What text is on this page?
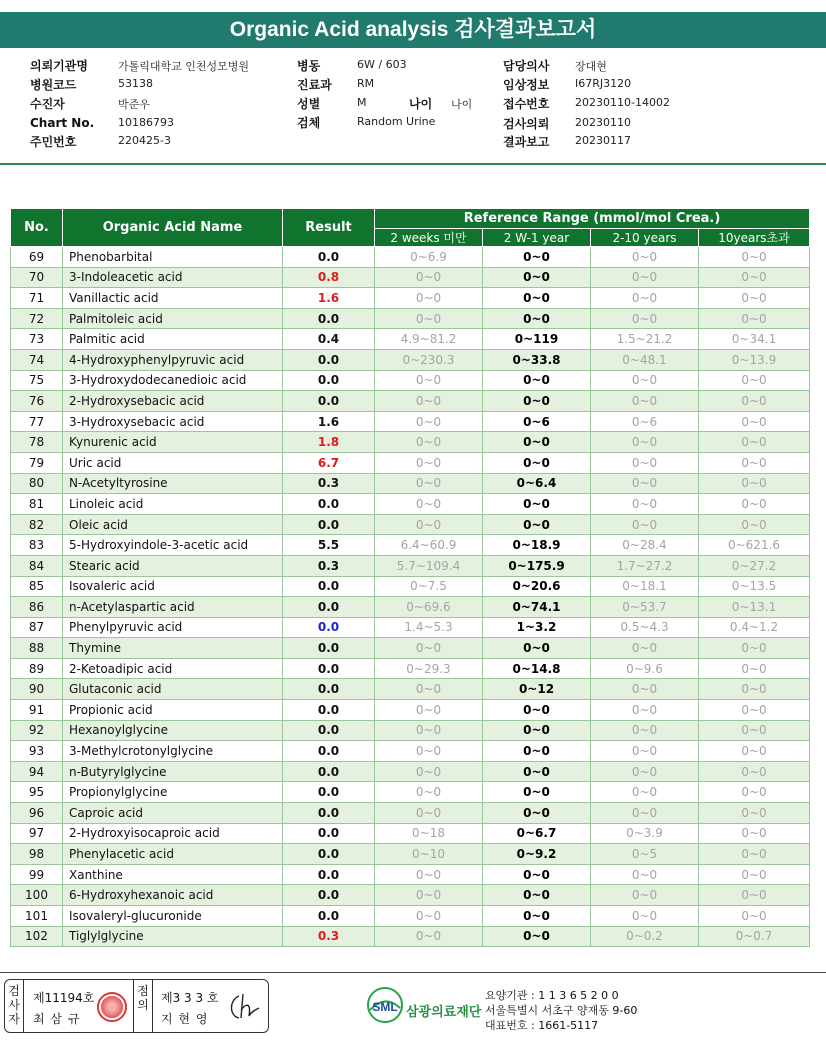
Organic Acid analysis 검사결과보고서
의뢰기관명	가톨릭대학교 인천성모병원
병원코드	53138
수진자	박준우
Chart No. 10186793
주민번호	220425-3
병동	6W / 603
진료과 RM
성별	M	나이 나이
검체	Random Urine
담당의사 장대현
임상정보 I67RJ3120
접수번호 20230110-14002
검사의뢰 20230110
결과보고 20230117
No.	Organic Acid Name	Result	Reference Range (mmol/mol Crea.)			
			2 weeks 미만	2 W-1 year	2-10 years	10years초과
69	Phenobarbital	0.0	0~6.9	0~0	0~0	0~0
70	3-Indoleacetic acid	0.8	0~0	0~0	0~0	0~0
71	Vanillactic acid	1.6	0~0	0~0	0~0	0~0
72	Palmitoleic acid	0.0	0~0	0~0	0~0	0~0
73	Palmitic acid	0.4	4.9~81.2	0~119	1.5~21.2	0~34.1
74	4-Hydroxyphenylpyruvic acid	0.0	0~230.3	0~33.8	0~48.1	0~13.9
75	3-Hydroxydodecanedioic acid	0.0	0~0	0~0	0~0	0~0
76	2-Hydroxysebacic acid	0.0	0~0	0~0	0~0	0~0
77	3-Hydroxysebacic acid	1.6	0~0	0~6	0~6	0~0
78	Kynurenic acid	1.8	0~0	0~0	0~0	0~0
79	Uric acid	6.7	0~0	0~0	0~0	0~0
80	N-Acetyltyrosine	0.3	0~0	0~6.4	0~0	0~0
81	Linoleic acid	0.0	0~0	0~0	0~0	0~0
82	Oleic acid	0.0	0~0	0~0	0~0	0~0
83	5-Hydroxyindole-3-acetic acid	5.5	6.4~60.9	0~18.9	0~28.4	0~621.6
84	Stearic acid	0.3	5.7~109.4	0~175.9	1.7~27.2	0~27.2
85	Isovaleric acid	0.0	0~7.5	0~20.6	0~18.1	0~13.5
86	n-Acetylaspartic acid	0.0	0~69.6	0~74.1	0~53.7	0~13.1
87	Phenylpyruvic acid	0.0	1.4~5.3	1~3.2	0.5~4.3	0.4~1.2
88	Thymine	0.0	0~0	0~0	0~0	0~0
89	2-Ketoadipic acid	0.0	0~29.3	0~14.8	0~9.6	0~0
90	Glutaconic acid	0.0	0~0	0~12	0~0	0~0
91	Propionic acid	0.0	0~0	0~0	0~0	0~0
92	Hexanoylglycine	0.0	0~0	0~0	0~0	0~0
93	3-Methylcrotonylglycine	0.0	0~0	0~0	0~0	0~0
94	n-Butyrylglycine	0.0	0~0	0~0	0~0	0~0
95	Propionylglycine	0.0	0~0	0~0	0~0	0~0
96	Caproic acid	0.0	0~0	0~0	0~0	0~0
97	2-Hydroxyisocaproic acid	0.0	0~18	0~6.7	0~3.9	0~0
98	Phenylacetic acid	0.0	0~10	0~9.2	0~5	0~0
99	Xanthine	0.0	0~0	0~0	0~0	0~0
100	6-Hydroxyhexanoic acid	0.0	0~0	0~0	0~0	0~0
101	Isovaleryl-glucuronide	0.0	0~0	0~0	0~0	0~0
102	Tiglylglycine	0.3	0~0	0~0	0~0.2	0~0.7
검사자
제11194호
최 삼 규
점의 제3 3 3 호
지 현 영
SML 삼광의료재단
요양기관 : 1 1 3 6 5 2 0 0
서울특별시 서초구 양재동 9-60
대표번호 : 1661-5117
